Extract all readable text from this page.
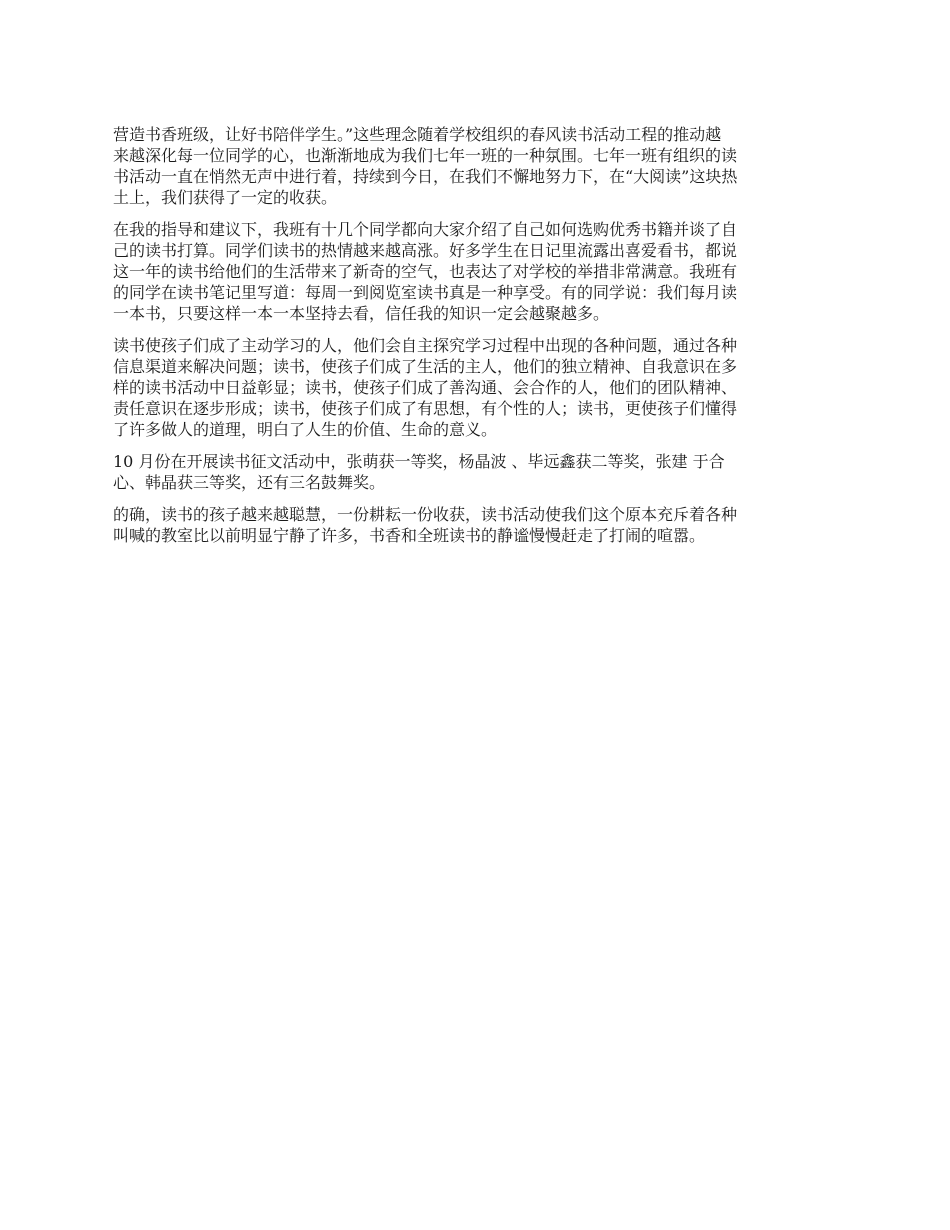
营造书香班级，让好书陪伴学生。”这些理念随着学校组织的春风读书活动工程的推动越
来越深化每一位同学的心，也渐渐地成为我们七年一班的一种氛围。七年一班有组织的读
书活动一直在悄然无声中进行着，持续到今日，在我们不懈地努力下，在“大阅读”这块热
土上，我们获得了一定的收获。

在我的指导和建议下，我班有十几个同学都向大家介绍了自己如何选购优秀书籍并谈了自
己的读书打算。同学们读书的热情越来越高涨。好多学生在日记里流露出喜爱看书，都说
这一年的读书给他们的生活带来了新奇的空气，也表达了对学校的举措非常满意。我班有
的同学在读书笔记里写道：每周一到阅览室读书真是一种享受。有的同学说：我们每月读
一本书，只要这样一本一本坚持去看，信任我的知识一定会越聚越多。

读书使孩子们成了主动学习的人，他们会自主探究学习过程中出现的各种问题，通过各种
信息渠道来解决问题；读书，使孩子们成了生活的主人，他们的独立精神、自我意识在多
样的读书活动中日益彰显；读书，使孩子们成了善沟通、会合作的人，他们的团队精神、
责任意识在逐步形成；读书，使孩子们成了有思想，有个性的人；读书，更使孩子们懂得
了许多做人的道理，明白了人生的价值、生命的意义。

10 月份在开展读书征文活动中，张萌获一等奖，杨晶波 、毕远鑫获二等奖，张建 于合
心、韩晶获三等奖，还有三名鼓舞奖。

的确，读书的孩子越来越聪慧，一份耕耘一份收获，读书活动使我们这个原本充斥着各种
叫喊的教室比以前明显宁静了许多，书香和全班读书的静谧慢慢赶走了打闹的喧嚣。
